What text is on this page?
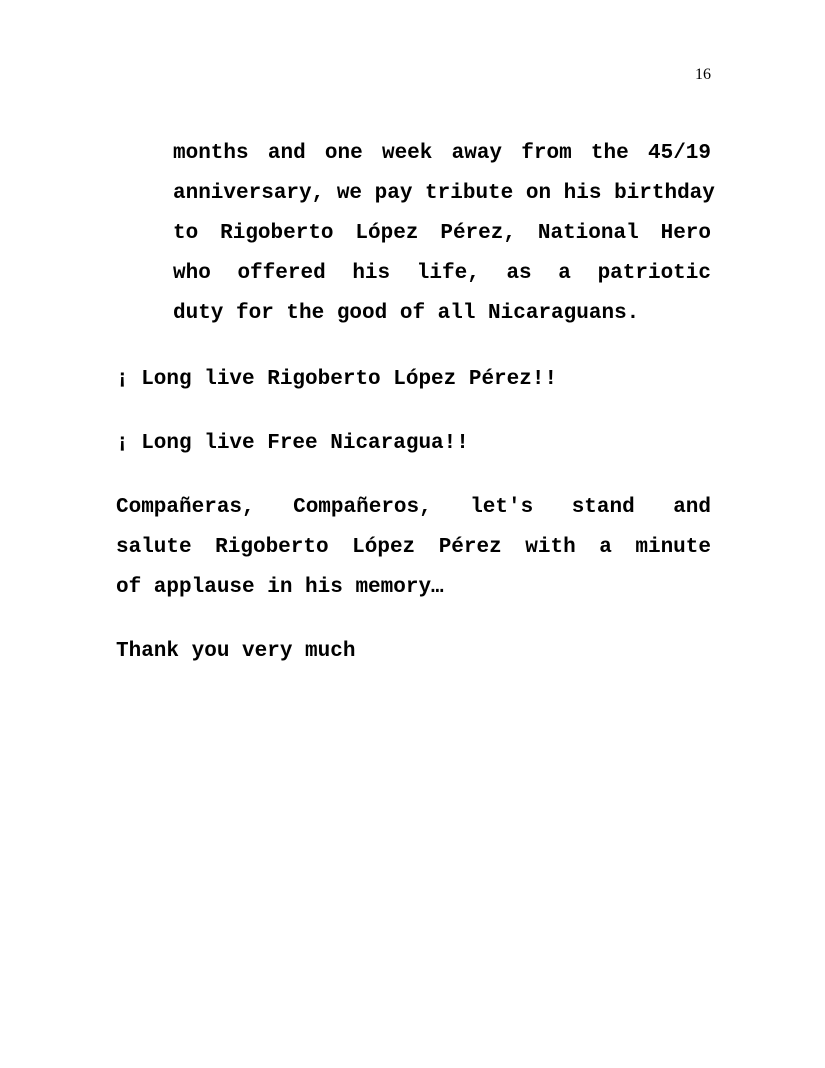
16
months and one week away from the 45/19
anniversary, we pay tribute on his birthday
to Rigoberto López Pérez, National Hero
who offered his life, as a patriotic
duty for the good of all Nicaraguans.
¡ Long live Rigoberto López Pérez!!
¡ Long live Free Nicaragua!!
Compañeras, Compañeros, let's stand and
salute Rigoberto López Pérez with a minute
of applause in his memory…
Thank you very much
